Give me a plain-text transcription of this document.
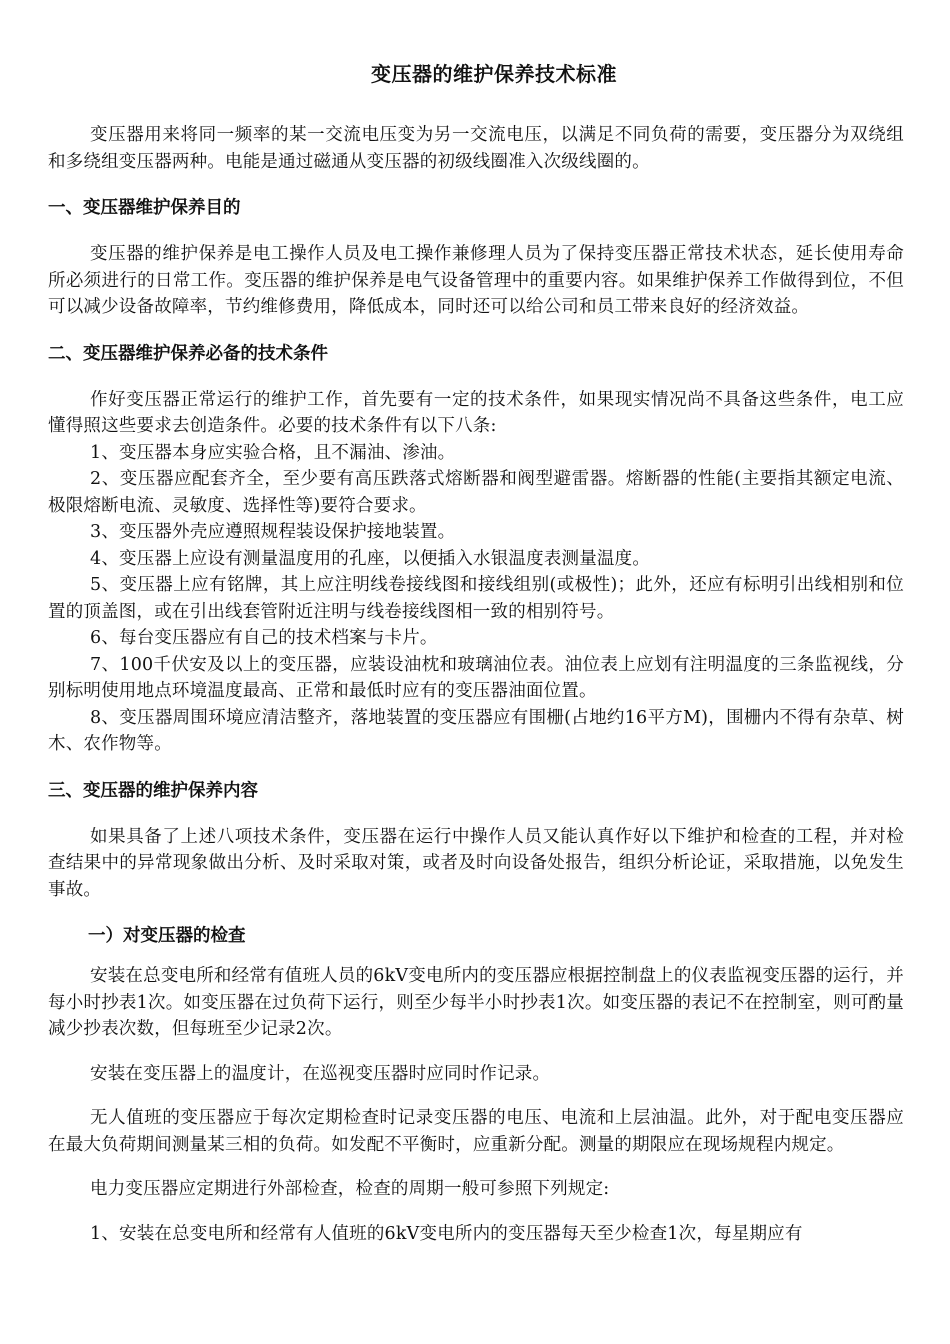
变压器的维护保养技术标准

变压器用来将同一频率的某一交流电压变为另一交流电压，以满足不同负荷的需要，变压器分为双绕组和多绕组变压器两种。电能是通过磁通从变压器的初级线圈准入次级线圈的。

一、变压器维护保养目的

变压器的维护保养是电工操作人员及电工操作兼修理人员为了保持变压器正常技术状态，延长使用寿命所必须进行的日常工作。变压器的维护保养是电气设备管理中的重要内容。如果维护保养工作做得到位，不但可以减少设备故障率，节约维修费用，降低成本，同时还可以给公司和员工带来良好的经济效益。

二、变压器维护保养必备的技术条件

作好变压器正常运行的维护工作，首先要有一定的技术条件，如果现实情况尚不具备这些条件，电工应懂得照这些要求去创造条件。必要的技术条件有以下八条:

1、变压器本身应实验合格，且不漏油、渗油。

2、变压器应配套齐全，至少要有高压跌落式熔断器和阀型避雷器。熔断器的性能(主要指其额定电流、极限熔断电流、灵敏度、选择性等)要符合要求。

3、变压器外壳应遵照规程装设保护接地装置。

4、变压器上应设有测量温度用的孔座，以便插入水银温度表测量温度。

5、变压器上应有铭牌，其上应注明线卷接线图和接线组别(或极性)；此外，还应有标明引出线相别和位置的顶盖图，或在引出线套管附近注明与线卷接线图相一致的相别符号。

6、每台变压器应有自己的技术档案与卡片。

7、100千伏安及以上的变压器，应装设油枕和玻璃油位表。油位表上应划有注明温度的三条监视线，分别标明使用地点环境温度最高、正常和最低时应有的变压器油面位置。

8、变压器周围环境应清洁整齐，落地装置的变压器应有围栅(占地约16平方M)，围栅内不得有杂草、树木、农作物等。

三、变压器的维护保养内容

如果具备了上述八项技术条件，变压器在运行中操作人员又能认真作好以下维护和检查的工程，并对检查结果中的异常现象做出分析、及时采取对策，或者及时向设备处报告，组织分析论证，采取措施，以免发生事故。

一）对变压器的检查

安装在总变电所和经常有值班人员的6kV变电所内的变压器应根据控制盘上的仪表监视变压器的运行，并每小时抄表1次。如变压器在过负荷下运行，则至少每半小时抄表1次。如变压器的表记不在控制室，则可酌量减少抄表次数，但每班至少记录2次。

安装在变压器上的温度计，在巡视变压器时应同时作记录。

无人值班的变压器应于每次定期检查时记录变压器的电压、电流和上层油温。此外，对于配电变压器应在最大负荷期间测量某三相的负荷。如发配不平衡时，应重新分配。测量的期限应在现场规程内规定。

电力变压器应定期进行外部检查，检查的周期一般可参照下列规定:

1、安装在总变电所和经常有人值班的6kV变电所内的变压器每天至少检查1次，每星期应有
